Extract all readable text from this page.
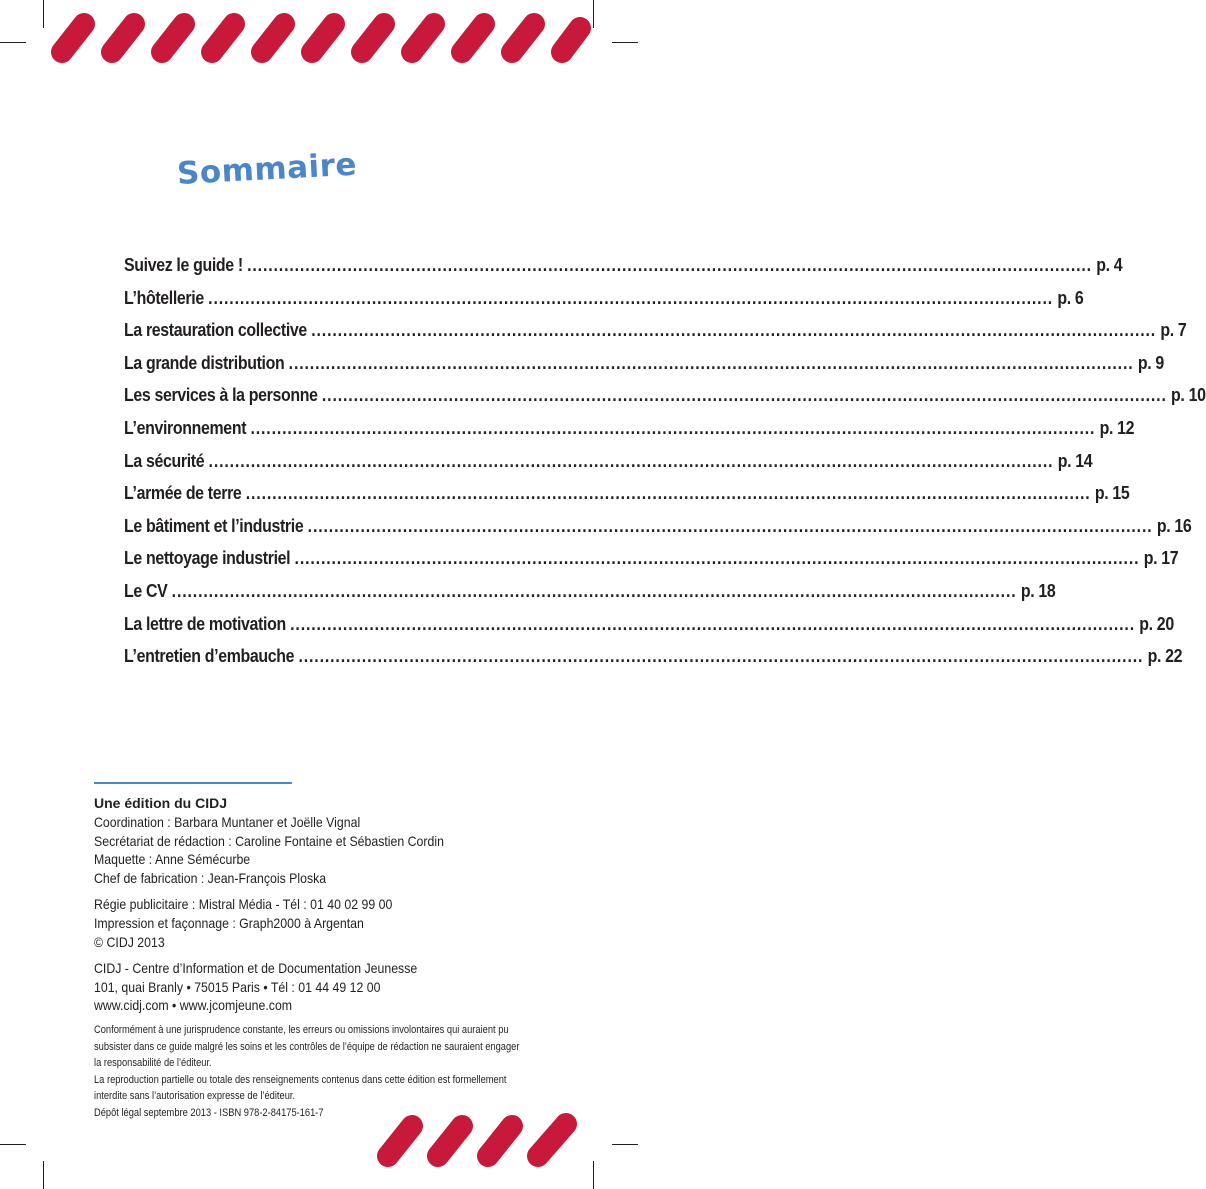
Sommaire
Suivez le guide ! ................................................................................................................................................................ p. 4
L’hôtellerie ................................................................................................................................................................ p. 6
La restauration collective ................................................................................................................................................................ p. 7
La grande distribution ................................................................................................................................................................ p. 9
Les services à la personne ................................................................................................................................................................ p. 10
L’environnement ................................................................................................................................................................ p. 12
La sécurité ................................................................................................................................................................ p. 14
L’armée de terre ................................................................................................................................................................ p. 15
Le bâtiment et l’industrie ................................................................................................................................................................ p. 16
Le nettoyage industriel ................................................................................................................................................................ p. 17
Le CV ................................................................................................................................................................ p. 18
La lettre de motivation ................................................................................................................................................................ p. 20
L’entretien d’embauche ................................................................................................................................................................ p. 22
Une édition du CIDJ
Coordination : Barbara Muntaner et Joëlle Vignal
Secrétariat de rédaction : Caroline Fontaine et Sébastien Cordin
Maquette : Anne Sémécurbe
Chef de fabrication : Jean-François Ploska
Régie publicitaire : Mistral Média - Tél : 01 40 02 99 00
Impression et façonnage : Graph2000 à Argentan
© CIDJ 2013
CIDJ - Centre d’Information et de Documentation Jeunesse
101, quai Branly • 75015 Paris • Tél : 01 44 49 12 00
www.cidj.com • www.jcomjeune.com
Conformément à une jurisprudence constante, les erreurs ou omissions involontaires qui auraient pu
subsister dans ce guide malgré les soins et les contrôles de l’équipe de rédaction ne sauraient engager
la responsabilité de l’éditeur.
La reproduction partielle ou totale des renseignements contenus dans cette édition est formellement
interdite sans l’autorisation expresse de l’éditeur.
Dépôt légal septembre 2013 - ISBN 978-2-84175-161-7
